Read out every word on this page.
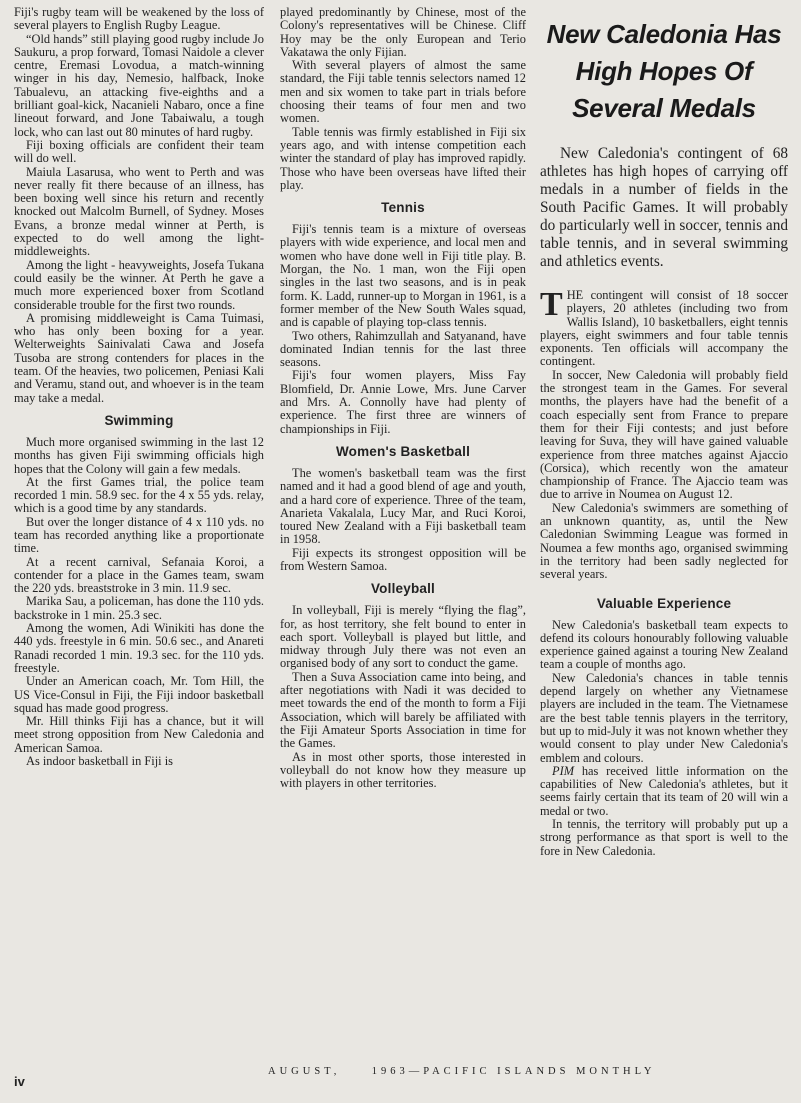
Fiji's rugby team will be weakened by the loss of several players to English Rugby League.

“Old hands” still playing good rugby include Jo Saukuru, a prop forward, Tomasi Naidole a clever centre, Eremasi Lovodua, a match-winning winger in his day, Nemesio, halfback, Inoke Tabualevu, an attacking five-eighths and a brilliant goal-kick, Nacanieli Nabaro, once a fine lineout forward, and Jone Tabaiwalu, a tough lock, who can last out 80 minutes of hard rugby.

Fiji boxing officials are confident their team will do well.

Maiula Lasarusa, who went to Perth and was never really fit there because of an illness, has been boxing well since his return and recently knocked out Malcolm Burnell, of Sydney. Moses Evans, a bronze medal winner at Perth, is expected to do well among the light-middleweights.

Among the light - heavyweights, Josefa Tukana could easily be the winner. At Perth he gave a much more experienced boxer from Scotland considerable trouble for the first two rounds.

A promising middleweight is Cama Tuimasi, who has only been boxing for a year. Welterweights Sainivalati Cawa and Josefa Tusoba are strong contenders for places in the team. Of the heavies, two policemen, Peniasi Kali and Veramu, stand out, and whoever is in the team may take a medal.

Swimming

Much more organised swimming in the last 12 months has given Fiji swimming officials high hopes that the Colony will gain a few medals.

At the first Games trial, the police team recorded 1 min. 58.9 sec. for the 4 x 55 yds. relay, which is a good time by any standards.

But over the longer distance of 4 x 110 yds. no team has recorded anything like a proportionate time.

At a recent carnival, Sefanaia Koroi, a contender for a place in the Games team, swam the 220 yds. breaststroke in 3 min. 11.9 sec.

Marika Sau, a policeman, has done the 110 yds. backstroke in 1 min. 25.3 sec.

Among the women, Adi Winikiti has done the 440 yds. freestyle in 6 min. 50.6 sec., and Anareti Ranadi recorded 1 min. 19.3 sec. for the 110 yds. freestyle.

Under an American coach, Mr. Tom Hill, the US Vice-Consul in Fiji, the Fiji indoor basketball squad has made good progress.

Mr. Hill thinks Fiji has a chance, but it will meet strong opposition from New Caledonia and American Samoa.

As indoor basketball in Fiji is

played predominantly by Chinese, most of the Colony's representatives will be Chinese. Cliff Hoy may be the only European and Terio Vakatawa the only Fijian.

With several players of almost the same standard, the Fiji table tennis selectors named 12 men and six women to take part in trials before choosing their teams of four men and two women.

Table tennis was firmly established in Fiji six years ago, and with intense competition each winter the standard of play has improved rapidly. Those who have been overseas have lifted their play.

Tennis

Fiji's tennis team is a mixture of overseas players with wide experience, and local men and women who have done well in Fiji title play. B. Morgan, the No. 1 man, won the Fiji open singles in the last two seasons, and is in peak form. K. Ladd, runner-up to Morgan in 1961, is a former member of the New South Wales squad, and is capable of playing top-class tennis.

Two others, Rahimzullah and Satyanand, have dominated Indian tennis for the last three seasons.

Fiji's four women players, Miss Fay Blomfield, Dr. Annie Lowe, Mrs. June Carver and Mrs. A. Connolly have had plenty of experience. The first three are winners of championships in Fiji.

Women's Basketball

The women's basketball team was the first named and it had a good blend of age and youth, and a hard core of experience. Three of the team, Anarieta Vakalala, Lucy Mar, and Ruci Koroi, toured New Zealand with a Fiji basketball team in 1958.

Fiji expects its strongest opposition will be from Western Samoa.

Volleyball

In volleyball, Fiji is merely “flying the flag”, for, as host territory, she felt bound to enter in each sport. Volleyball is played but little, and midway through July there was not even an organised body of any sort to conduct the game.

Then a Suva Association came into being, and after negotiations with Nadi it was decided to meet towards the end of the month to form a Fiji Association, which will barely be affiliated with the Fiji Amateur Sports Association in time for the Games.

As in most other sports, those interested in volleyball do not know how they measure up with players in other territories.

New Caledonia Has
High Hopes Of
Several Medals

New Caledonia's contingent of 68 athletes has high hopes of carrying off medals in a number of fields in the South Pacific Games. It will probably do particularly well in soccer, tennis and table tennis, and in several swimming and athletics events.

T HE contingent will consist of 18 soccer players, 20 athletes (including two from Wallis Island), 10 basketballers, eight tennis players, eight swimmers and four table tennis exponents. Ten officials will accompany the contingent.

In soccer, New Caledonia will probably field the strongest team in the Games. For several months, the players have had the benefit of a coach especially sent from France to prepare them for their Fiji contests; and just before leaving for Suva, they will have gained valuable experience from three matches against Ajaccio (Corsica), which recently won the amateur championship of France. The Ajaccio team was due to arrive in Noumea on August 12.

New Caledonia's swimmers are something of an unknown quantity, as, until the New Caledonian Swimming League was formed in Noumea a few months ago, organised swimming in the territory had been sadly neglected for several years.

Valuable Experience

New Caledonia's basketball team expects to defend its colours honourably following valuable experience gained against a touring New Zealand team a couple of months ago.

New Caledonia's chances in table tennis depend largely on whether any Vietnamese players are included in the team. The Vietnamese are the best table tennis players in the territory, but up to mid-July it was not known whether they would consent to play under New Caledonia's emblem and colours.

PIM has received little information on the capabilities of New Caledonia's athletes, but it seems fairly certain that its team of 20 will win a medal or two.

In tennis, the territory will probably put up a strong performance as that sport is well to the fore in New Caledonia.

AUGUST,	1963—PACIFIC ISLANDS MONTHLY
iv
